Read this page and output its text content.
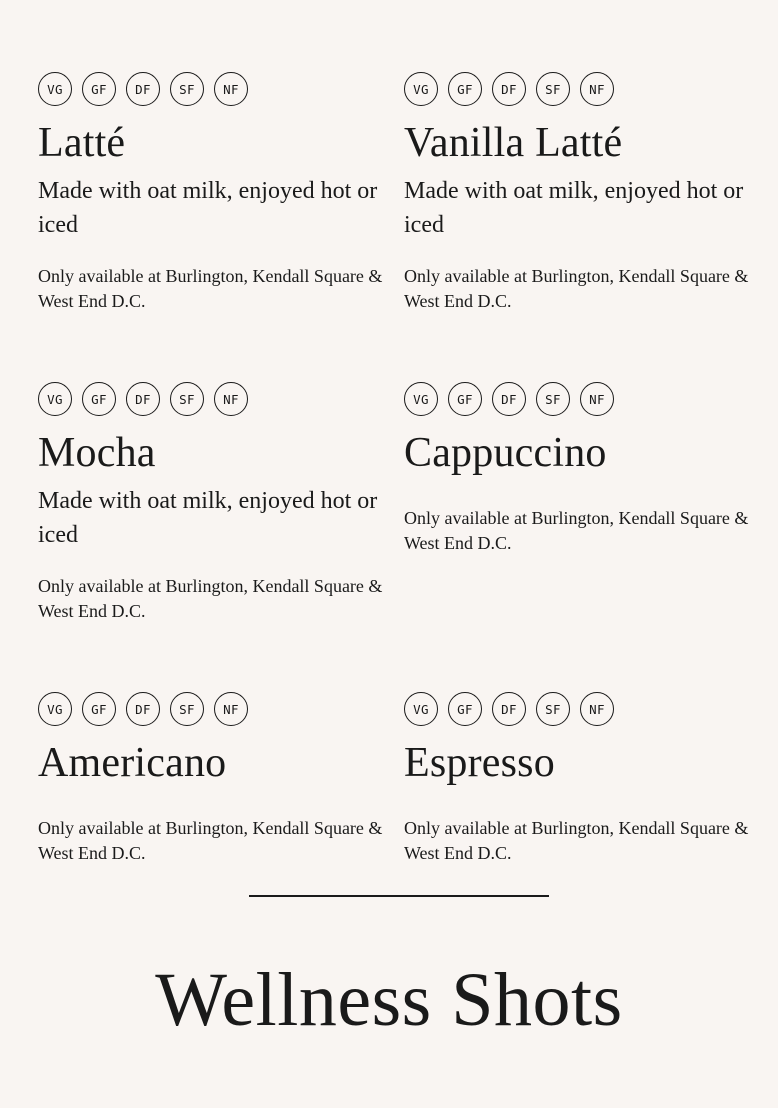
VG	GF	DF	SF	NF
Latté

Made with oat milk, enjoyed hot or iced

Only available at Burlington, Kendall Square & West End D.C.

VG	GF	DF	SF	NF
Vanilla Latté

Made with oat milk, enjoyed hot or iced

Only available at Burlington, Kendall Square & West End D.C.

VG	GF	DF	SF	NF
Mocha

Made with oat milk, enjoyed hot or iced

Only available at Burlington, Kendall Square & West End D.C.

VG	GF	DF	SF	NF
Cappuccino

Only available at Burlington, Kendall Square & West End D.C.

VG	GF	DF	SF	NF
Americano

Only available at Burlington, Kendall Square & West End D.C.

VG	GF	DF	SF	NF
Espresso

Only available at Burlington, Kendall Square & West End D.C.

Wellness Shots
